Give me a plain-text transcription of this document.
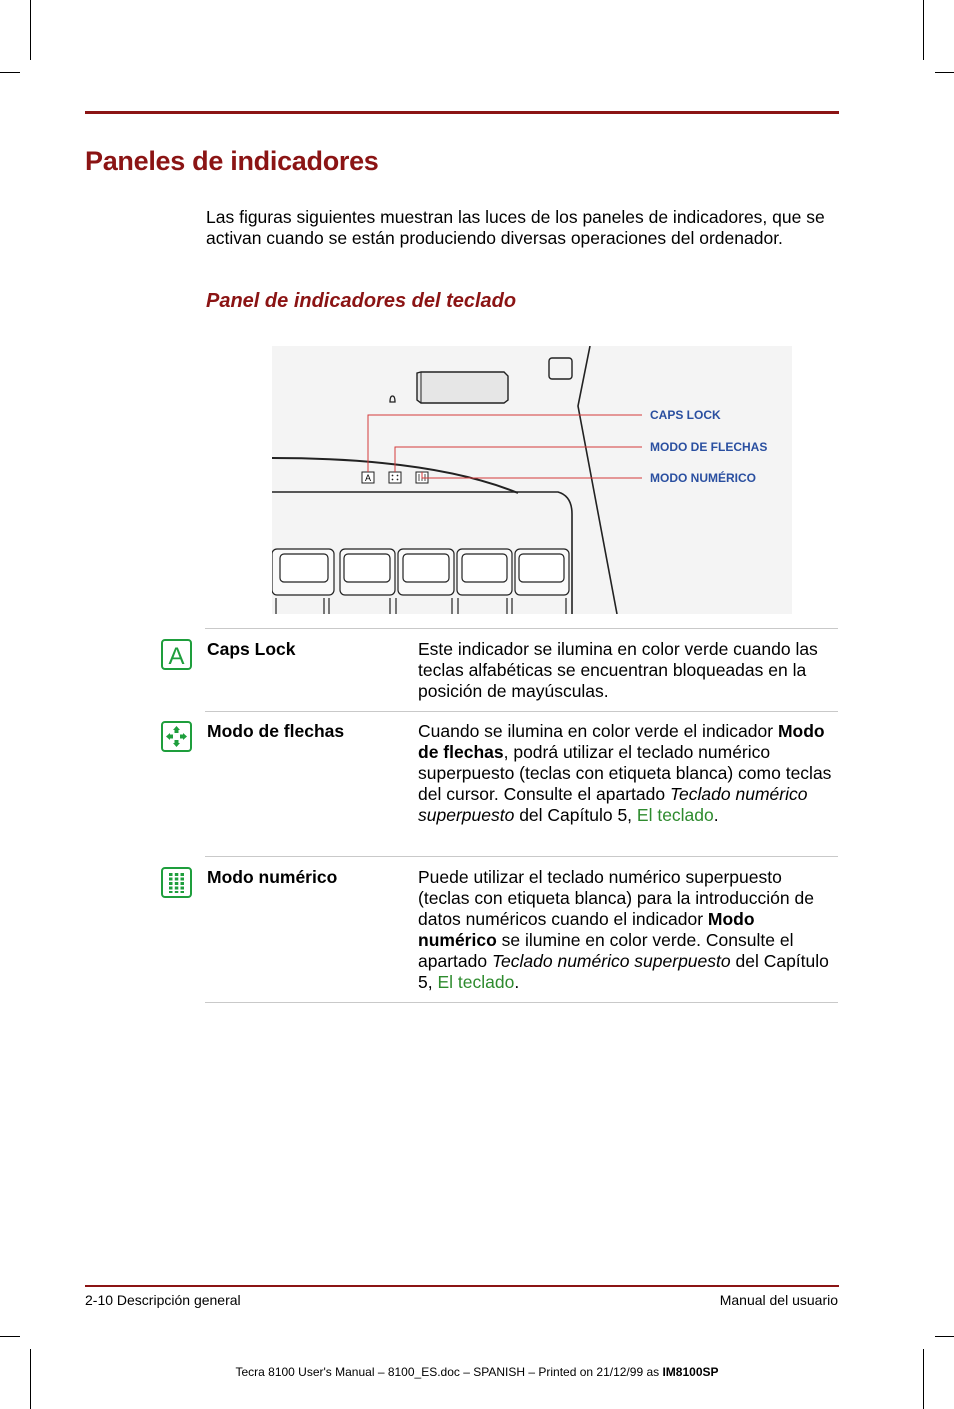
Paneles de indicadores

Las figuras siguientes muestran las luces de los paneles de indicadores, que se activan cuando se están produciendo diversas operaciones del ordenador.

Panel de indicadores del teclado
A
CAPS LOCK
MODO DE FLECHAS
MODO NUMÉRICO
A Caps Lock	Este indicador se ilumina en color verde cuando las teclas alfabéticas se encuentran bloqueadas en la posición de mayúsculas.
Modo de flechas	Cuando se ilumina en color verde el indicador Modo de flechas, podrá utilizar el teclado numérico superpuesto (teclas con etiqueta blanca) como teclas del cursor. Consulte el apartado Teclado numérico superpuesto del Capítulo 5, El teclado.
Modo numérico	Puede utilizar el teclado numérico superpuesto (teclas con etiqueta blanca) para la introducción de datos numéricos cuando el indicador Modo numérico se ilumine en color verde. Consulte el apartado Teclado numérico superpuesto del Capítulo 5, El teclado.
2-10 Descripción general	Manual del usuario
Tecra 8100 User's Manual – 8100_ES.doc – SPANISH – Printed on 21/12/99 as IM8100SP
